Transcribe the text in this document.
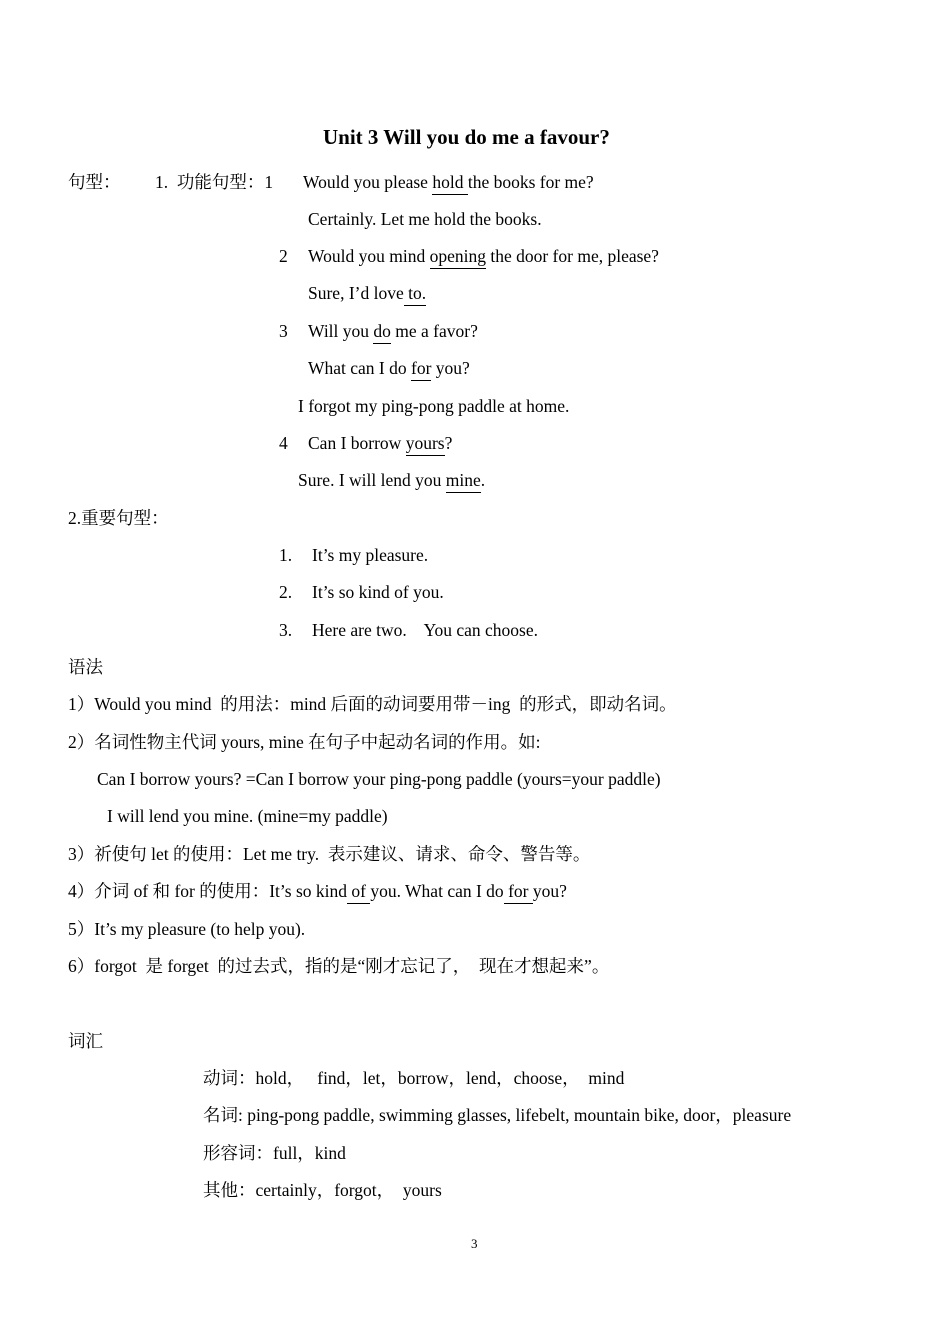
Unit 3 Will you do me a favour?
句型： 1.  功能句型：1 Would you please hold the books for me?
Certainly. Let me hold the books.
2 Would you mind opening the door for me, please?
Sure, I’d love to.
3 Will you do me a favor?
What can I do for you?
I forgot my ping-pong paddle at home.
4 Can I borrow yours?
Sure. I will lend you mine.
2.重要句型：
1. It’s my pleasure.
2. It’s so kind of you.
3. Here are two.    You can choose.
语法
1）Would you mind  的用法：mind 后面的动词要用带－ing  的形式，即动名词。
2）名词性物主代词 yours, mine 在句子中起动名词的作用。如:
Can I borrow yours? =Can I borrow your ping-pong paddle (yours=your paddle)
I will lend you mine. (mine=my paddle)
3）祈使句 let 的使用：Let me try.  表示建议、请求、命令、警告等。
4）介词 of 和 for 的使用：It’s so kind of you. What can I do for you?
5）It’s my pleasure (to help you).
6）forgot  是 forget  的过去式，指的是“刚才忘记了，  现在才想起来”。
词汇
动词：hold，   find，let，borrow，lend，choose，  mind
名词: ping-pong paddle, swimming glasses, lifebelt, mountain bike, door，pleasure
形容词：full，kind
其他：certainly，forgot，  yours
3
